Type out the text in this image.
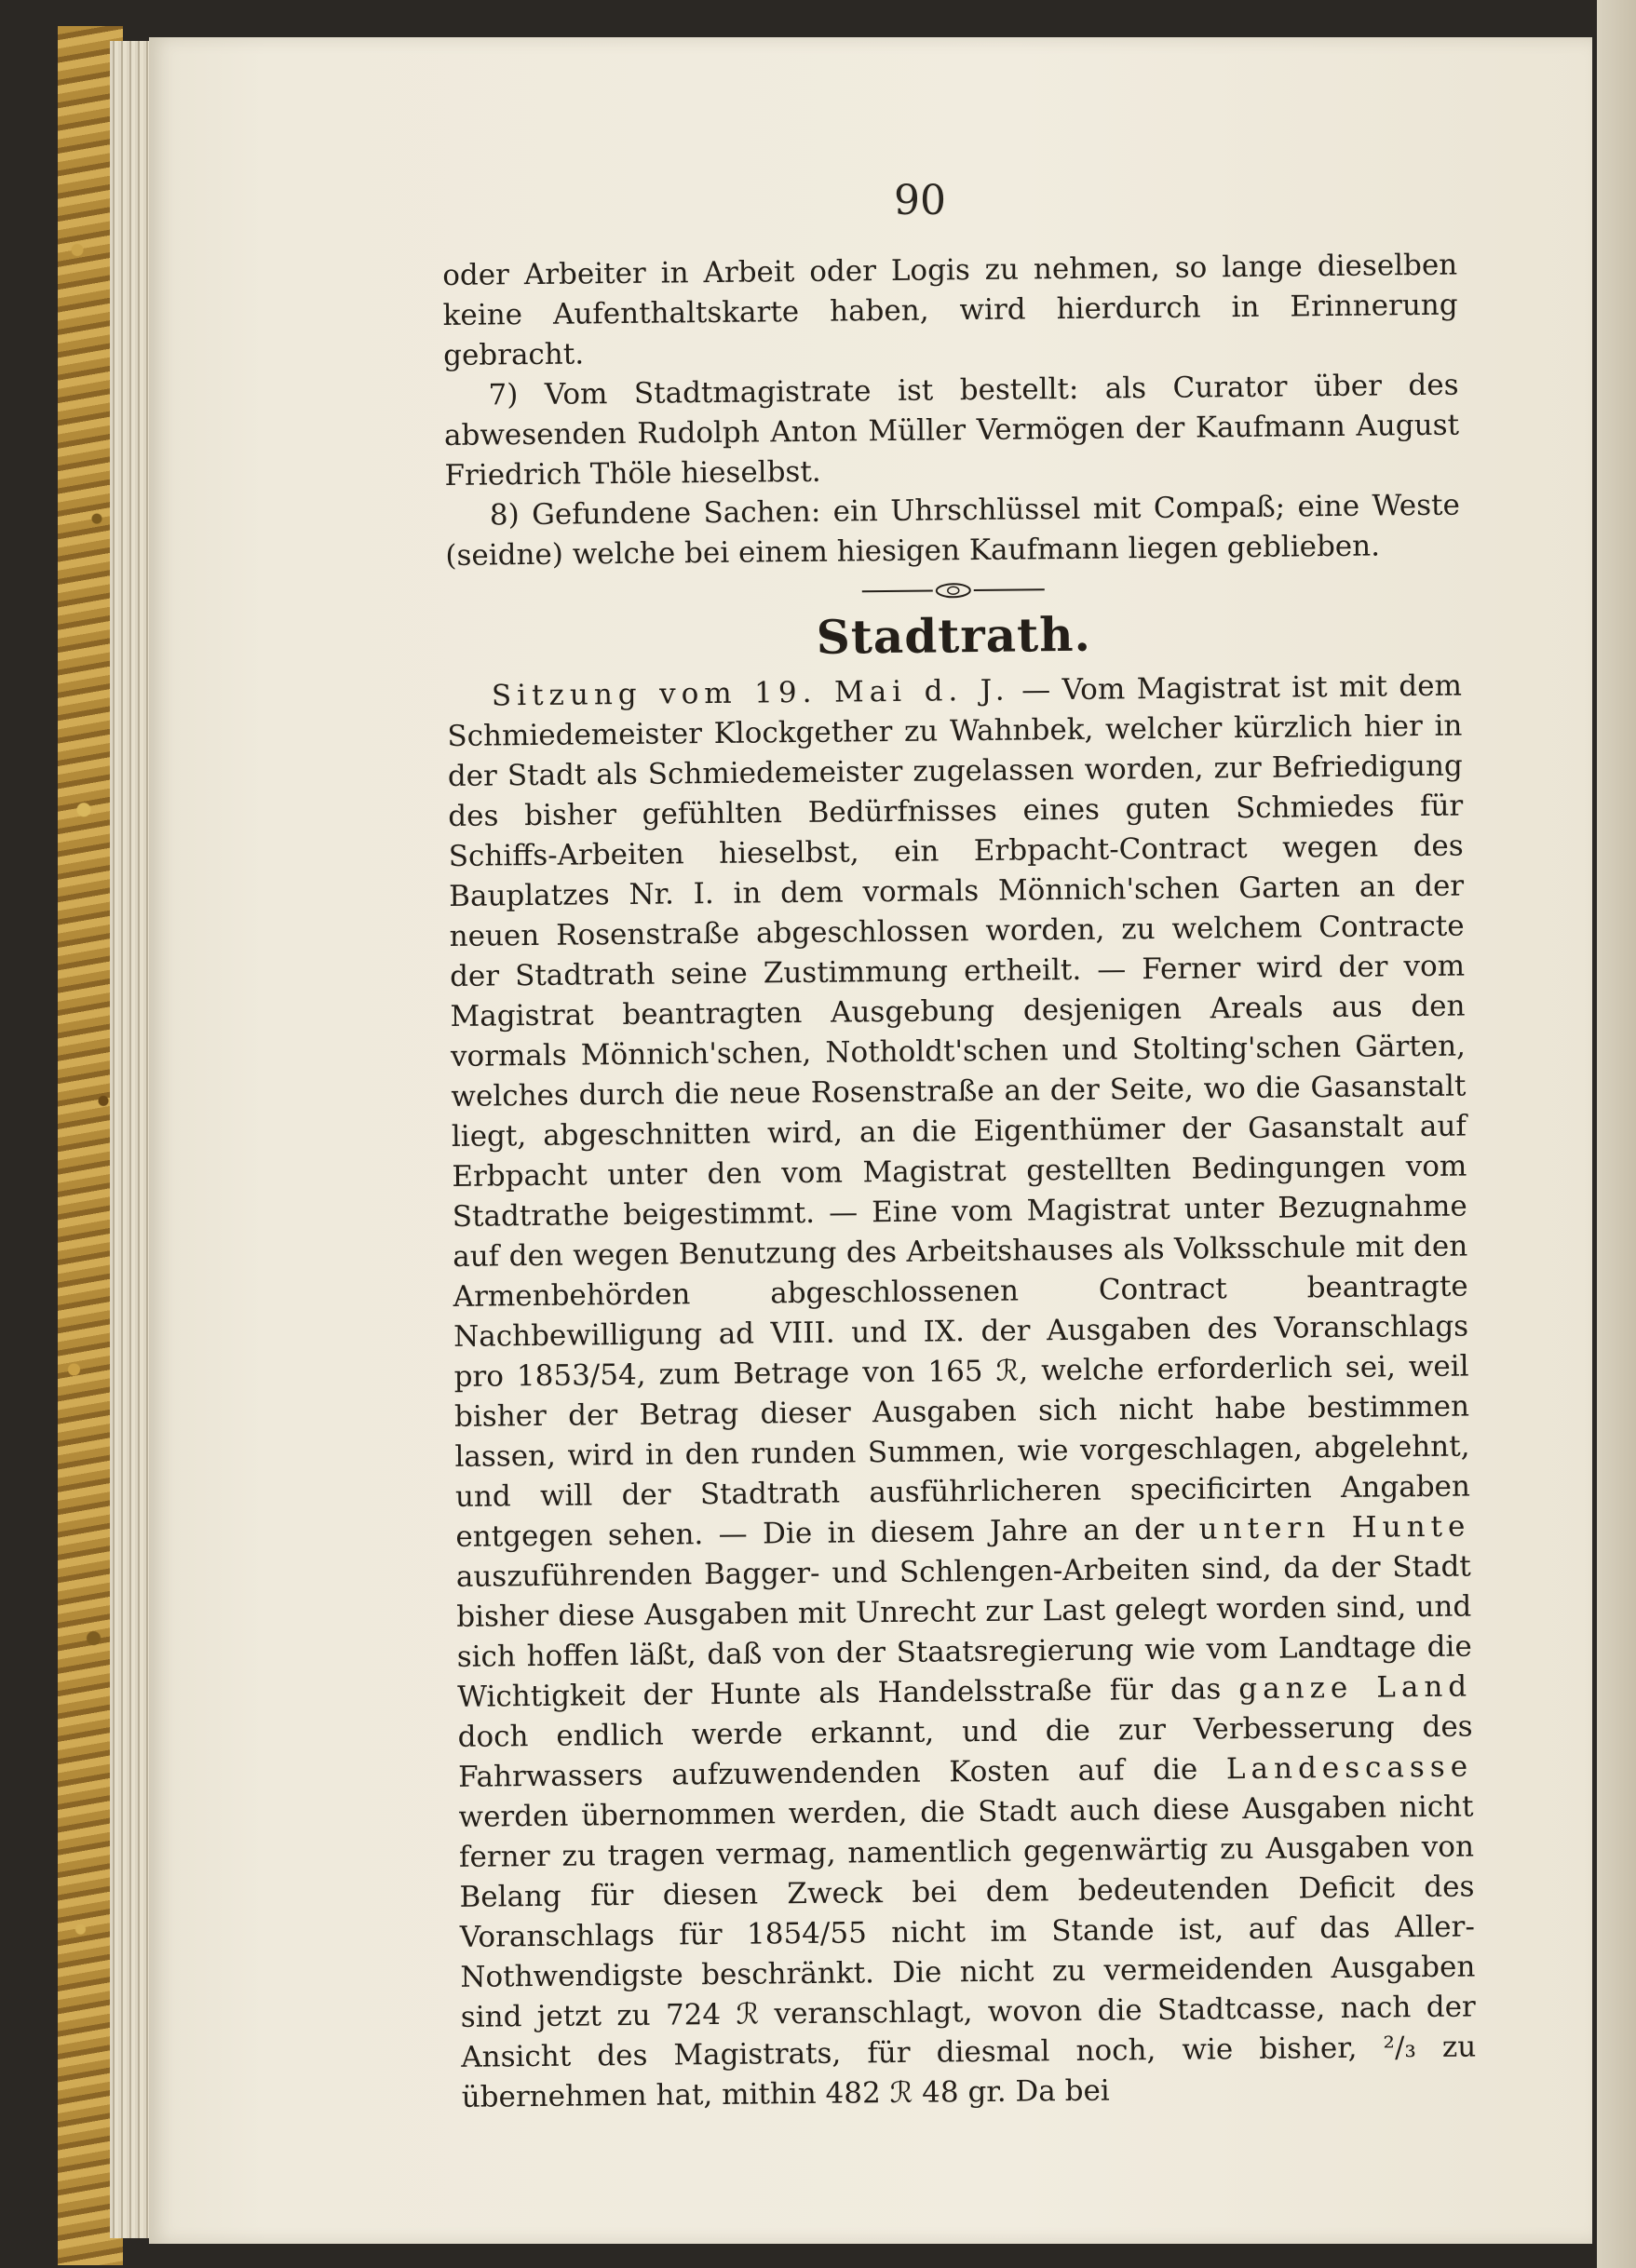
90

oder Arbeiter in Arbeit oder Logis zu nehmen, so lange dieselben keine Aufenthaltskarte haben, wird hierdurch in Erinnerung gebracht.

7) Vom Stadtmagistrate ist bestellt: als Curator über des abwesenden Rudolph Anton Müller Vermögen der Kaufmann August Friedrich Thöle hieselbst.

8) Gefundene Sachen: ein Uhrschlüssel mit Compaß; eine Weste (seidne) welche bei einem hiesigen Kaufmann liegen geblieben.

Stadtrath.

Sitzung vom 19. Mai d. J. — Vom Magistrat ist mit dem Schmiedemeister Klockgether zu Wahnbek, welcher kürzlich hier in der Stadt als Schmiedemeister zugelassen worden, zur Befriedigung des bisher gefühlten Bedürfnisses eines guten Schmiedes für Schiffs-Arbeiten hieselbst, ein Erbpacht-Contract wegen des Bauplatzes Nr. I. in dem vormals Mönnich'schen Garten an der neuen Rosenstraße abgeschlossen worden, zu welchem Contracte der Stadtrath seine Zustimmung ertheilt. — Ferner wird der vom Magistrat beantragten Ausgebung desjenigen Areals aus den vormals Mönnich'schen, Notholdt'schen und Stolting'schen Gärten, welches durch die neue Rosenstraße an der Seite, wo die Gasanstalt liegt, abgeschnitten wird, an die Eigenthümer der Gasanstalt auf Erbpacht unter den vom Magistrat gestellten Bedingungen vom Stadtrathe beigestimmt. — Eine vom Magistrat unter Bezugnahme auf den wegen Benutzung des Arbeitshauses als Volksschule mit den Armenbehörden abgeschlossenen Contract beantragte Nachbewilligung ad VIII. und IX. der Ausgaben des Voranschlags pro 1853/54, zum Betrage von 165 ℛ, welche erforderlich sei, weil bisher der Betrag dieser Ausgaben sich nicht habe bestimmen lassen, wird in den runden Summen, wie vorgeschlagen, abgelehnt, und will der Stadtrath ausführlicheren specificirten Angaben entgegen sehen. — Die in diesem Jahre an der untern Hunte auszuführenden Bagger- und Schlengen-Arbeiten sind, da der Stadt bisher diese Ausgaben mit Unrecht zur Last gelegt worden sind, und sich hoffen läßt, daß von der Staatsregierung wie vom Landtage die Wichtigkeit der Hunte als Handelsstraße für das ganze Land doch endlich werde erkannt, und die zur Verbesserung des Fahrwassers aufzuwendenden Kosten auf die Landescasse werden übernommen werden, die Stadt auch diese Ausgaben nicht ferner zu tragen vermag, namentlich gegenwärtig zu Ausgaben von Belang für diesen Zweck bei dem bedeutenden Deficit des Voranschlags für 1854/55 nicht im Stande ist, auf das Aller-Nothwendigste beschränkt. Die nicht zu vermeidenden Ausgaben sind jetzt zu 724 ℛ veranschlagt, wovon die Stadtcasse, nach der Ansicht des Magistrats, für diesmal noch, wie bisher, ²/₃ zu übernehmen hat, mithin 482 ℛ 48 gr. Da bei
